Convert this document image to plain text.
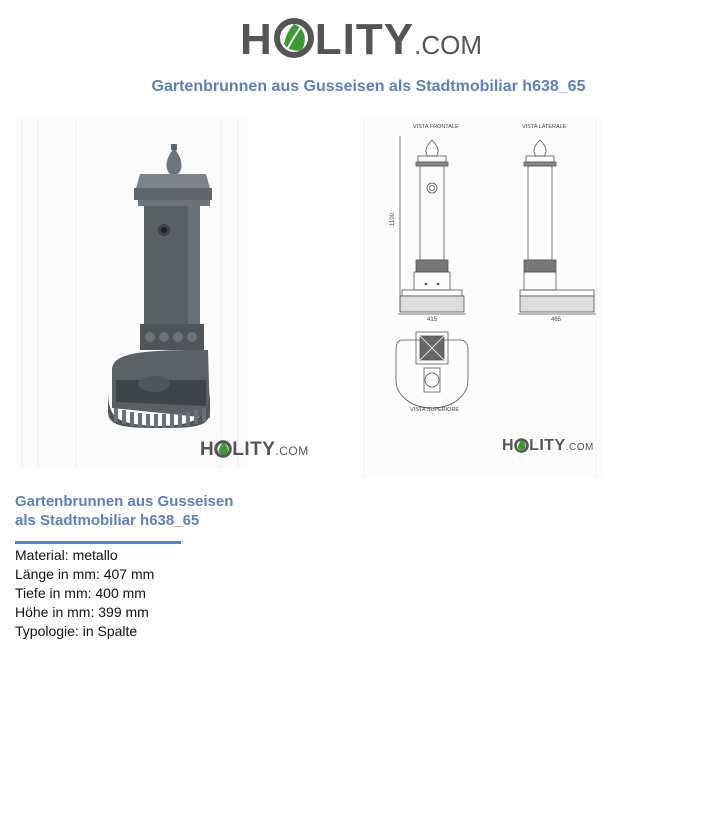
H LITY.COM
Gartenbrunnen aus Gusseisen als Stadtmobiliar h638_65
H LITY.COM
VISTA FRONTALE	VISTA LATERALE
1100
415	465
VISTA SUPERIORE
H LITY.COM
Gartenbrunnen aus Gusseisen
als Stadtmobiliar h638_65
Material: metallo
Länge in mm: 407 mm
Tiefe in mm: 400 mm
Höhe in mm: 399 mm
Typologie: in Spalte
